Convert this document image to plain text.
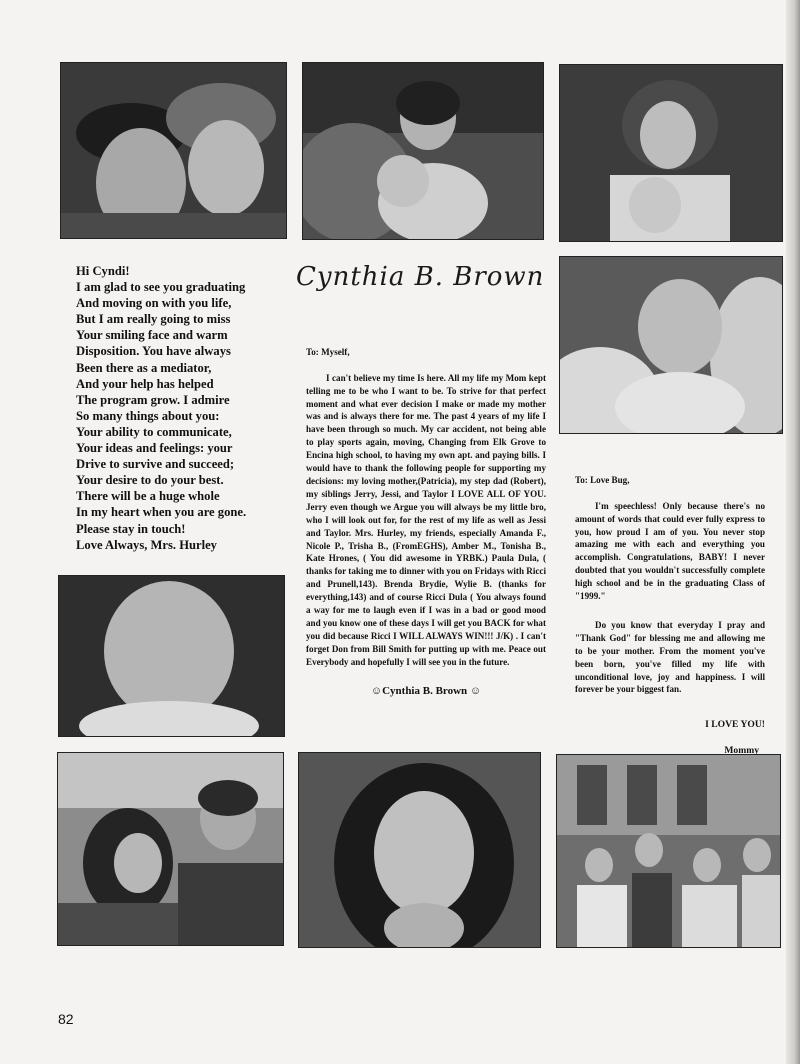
Cynthia B. Brown
Hi Cyndi!
I am glad to see you graduating
And moving on with you life,
But I am really going to miss
Your smiling face and warm
Disposition. You have always
Been there as a mediator,
And your help has helped
The program grow. I admire
So many things about you:
Your ability to communicate,
Your ideas and feelings: your
Drive to survive and succeed;
Your desire to do your best.
There will be a huge whole
In my heart when you are gone.
Please stay in touch!
Love Always, Mrs. Hurley

To: Myself,

I can't believe my time Is here. All my life my Mom kept telling me to be who I want to be. To strive for that perfect moment and what ever decision I make or made my mother was and is always there for me. The past 4 years of my life I have been through so much. My car accident, not being able to play sports again, moving, Changing from Elk Grove to Encina high school, to having my own apt. and paying bills. I would have to thank the following people for supporting my decisions: my loving mother,(Patricia), my step dad (Robert), my siblings Jerry, Jessi, and Taylor I LOVE ALL OF YOU. Jerry even though we Argue you will always be my little bro, who I will look out for, for the rest of my life as well as Jessi and Taylor. Mrs. Hurley, my friends, especially Amanda F., Nicole P., Trisha B., (FromEGHS), Amber M., Tonisha B., Kate Hrones, ( You did awesome in YRBK.) Paula Dula, ( thanks for taking me to dinner with you on Fridays with Ricci and Prunell,143). Brenda Brydie, Wylie B. (thanks for everything,143) and of course Ricci Dula ( You always found a way for me to laugh even if I was in a bad or good mood and you know one of these days I will get you BACK for what you did because Ricci I WILL ALWAYS WIN!!! J/K) . I can't forget Don from Bill Smith for putting up with me. Peace out Everybody and hopefully I will see you in the future.

☺Cynthia B. Brown ☺

To: Love Bug,

I'm speechless! Only because there's no amount of words that could ever fully express to you, how proud I am of you. You never stop amazing me with each and everything you accomplish. Congratulations, BABY! I never doubted that you wouldn't successfully complete high school and be in the graduating Class of "1999."

Do you know that everyday I pray and "Thank God" for blessing me and allowing me to be your mother. From the moment you've been born, you've filled my life with unconditional love, joy and happiness. I will forever be your biggest fan.

I LOVE YOU!

Mommy

82
